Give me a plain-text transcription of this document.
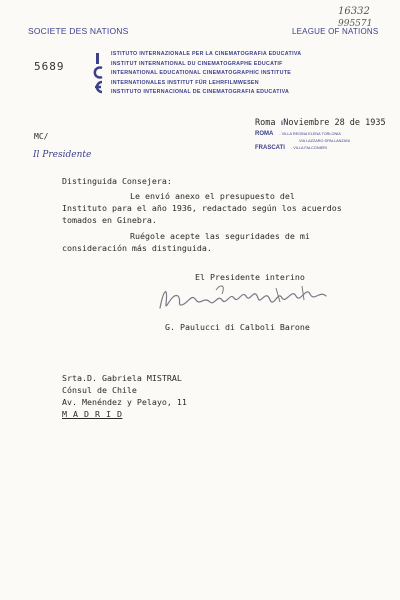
SOCIETE DES NATIONS	LEAGUE OF NATIONS
16332
995571
5689
ISTITUTO INTERNAZIONALE PER LA CINEMATOGRAFIA EDUCATIVA
INSTITUT INTERNATIONAL DU CINEMATOGRAPHE EDUCATIF
INTERNATIONAL EDUCATIONAL CINEMATOGRAPHIC INSTITUTE
INTERNATIONALES INSTITUT FÜR LEHRFILMWESEN
INSTITUTO INTERNACIONAL DE CINEMATOGRAFIA EDUCATIVA
MC/
Il Presidente
Roma liNoviembre 28 de 1935
ROMA - VILLA REGINA ELENA TORLONIA
VIA LAZZARO SPALLANZANI
FRASCATI - VILLA FALCONIERI
Distinguida Consejera:
Le envió anexo el presupuesto del
Instituto para el año 1936, redactado según los acuerdos
tomados en Ginebra.
Ruégole acepte las seguridades de mi
consideración más distinguida.
El Presidente interino
G. Paulucci di Calboli Barone
Srta.D. Gabriela MISTRAL
Cónsul de Chile
Av. Menéndez y Pelayo, 11
M A D R I D
